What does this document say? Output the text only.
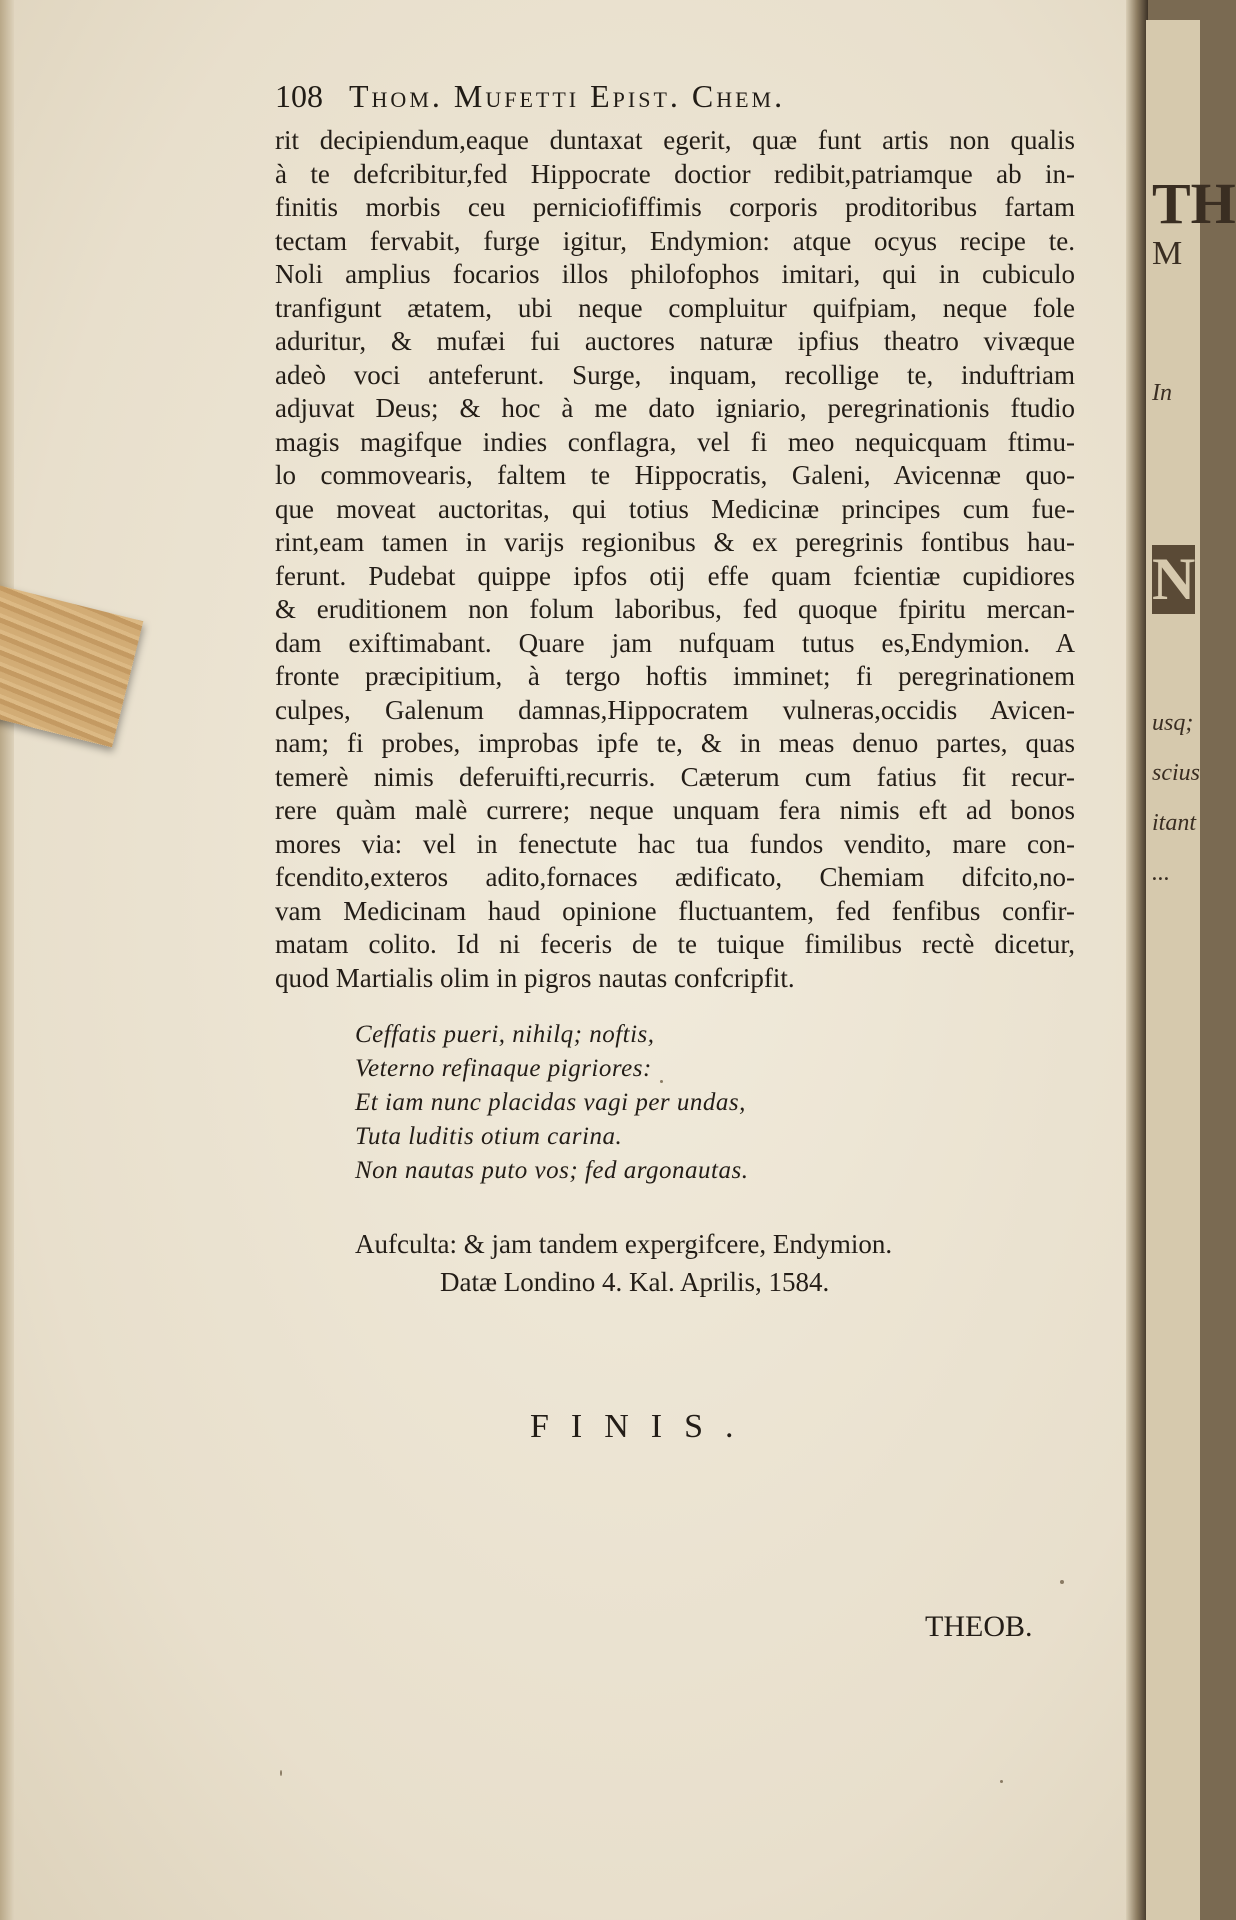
108 Thom. Mufetti Epist. Chem.
rit decipiendum,eaque duntaxat egerit, quæ funt artis non qualis
à te defcribitur,fed Hippocrate doctior redibit,patriamque ab in-
finitis morbis ceu perniciofiffimis corporis proditoribus fartam
tectam fervabit, furge igitur, Endymion: atque ocyus recipe te.
Noli amplius focarios illos philofophos imitari, qui in cubiculo
tranfigunt ætatem, ubi neque compluitur quifpiam, neque fole
aduritur, & mufæi fui auctores naturæ ipfius theatro vivæque
adeò voci anteferunt. Surge, inquam, recollige te, induftriam
adjuvat Deus; & hoc à me dato igniario, peregrinationis ftudio
magis magifque indies conflagra, vel fi meo nequicquam ftimu-
lo commovearis, faltem te Hippocratis, Galeni, Avicennæ quo-
que moveat auctoritas, qui totius Medicinæ principes cum fue-
rint,eam tamen in varijs regionibus & ex peregrinis fontibus hau-
ferunt. Pudebat quippe ipfos otij effe quam fcientiæ cupidiores
& eruditionem non folum laboribus, fed quoque fpiritu mercan-
dam exiftimabant. Quare jam nufquam tutus es,Endymion. A
fronte præcipitium, à tergo hoftis imminet; fi peregrinationem
culpes, Galenum damnas,Hippocratem vulneras,occidis Avicen-
nam; fi probes, improbas ipfe te, & in meas denuo partes, quas
temerè nimis deferuifti,recurris. Cæterum cum fatius fit recur-
rere quàm malè currere; neque unquam fera nimis eft ad bonos
mores via: vel in fenectute hac tua fundos vendito, mare con-
fcendito,exteros adito,fornaces ædificato, Chemiam difcito,no-
vam Medicinam haud opinione fluctuantem, fed fenfibus confir-
matam colito. Id ni feceris de te tuique fimilibus rectè dicetur,
quod Martialis olim in pigros nautas confcripfit.
Ceffatis pueri, nihilq; noftis,
Veterno refinaque pigriores:
Et iam nunc placidas vagi per undas,
Tuta luditis otium carina.
Non nautas puto vos; fed argonautas.
Aufculta: & jam tandem expergifcere, Endymion.
Datæ Londino 4. Kal. Aprilis, 1584.
FINIS.
THEOB.
TH
M
In
N
usq;
scius
itant
...
